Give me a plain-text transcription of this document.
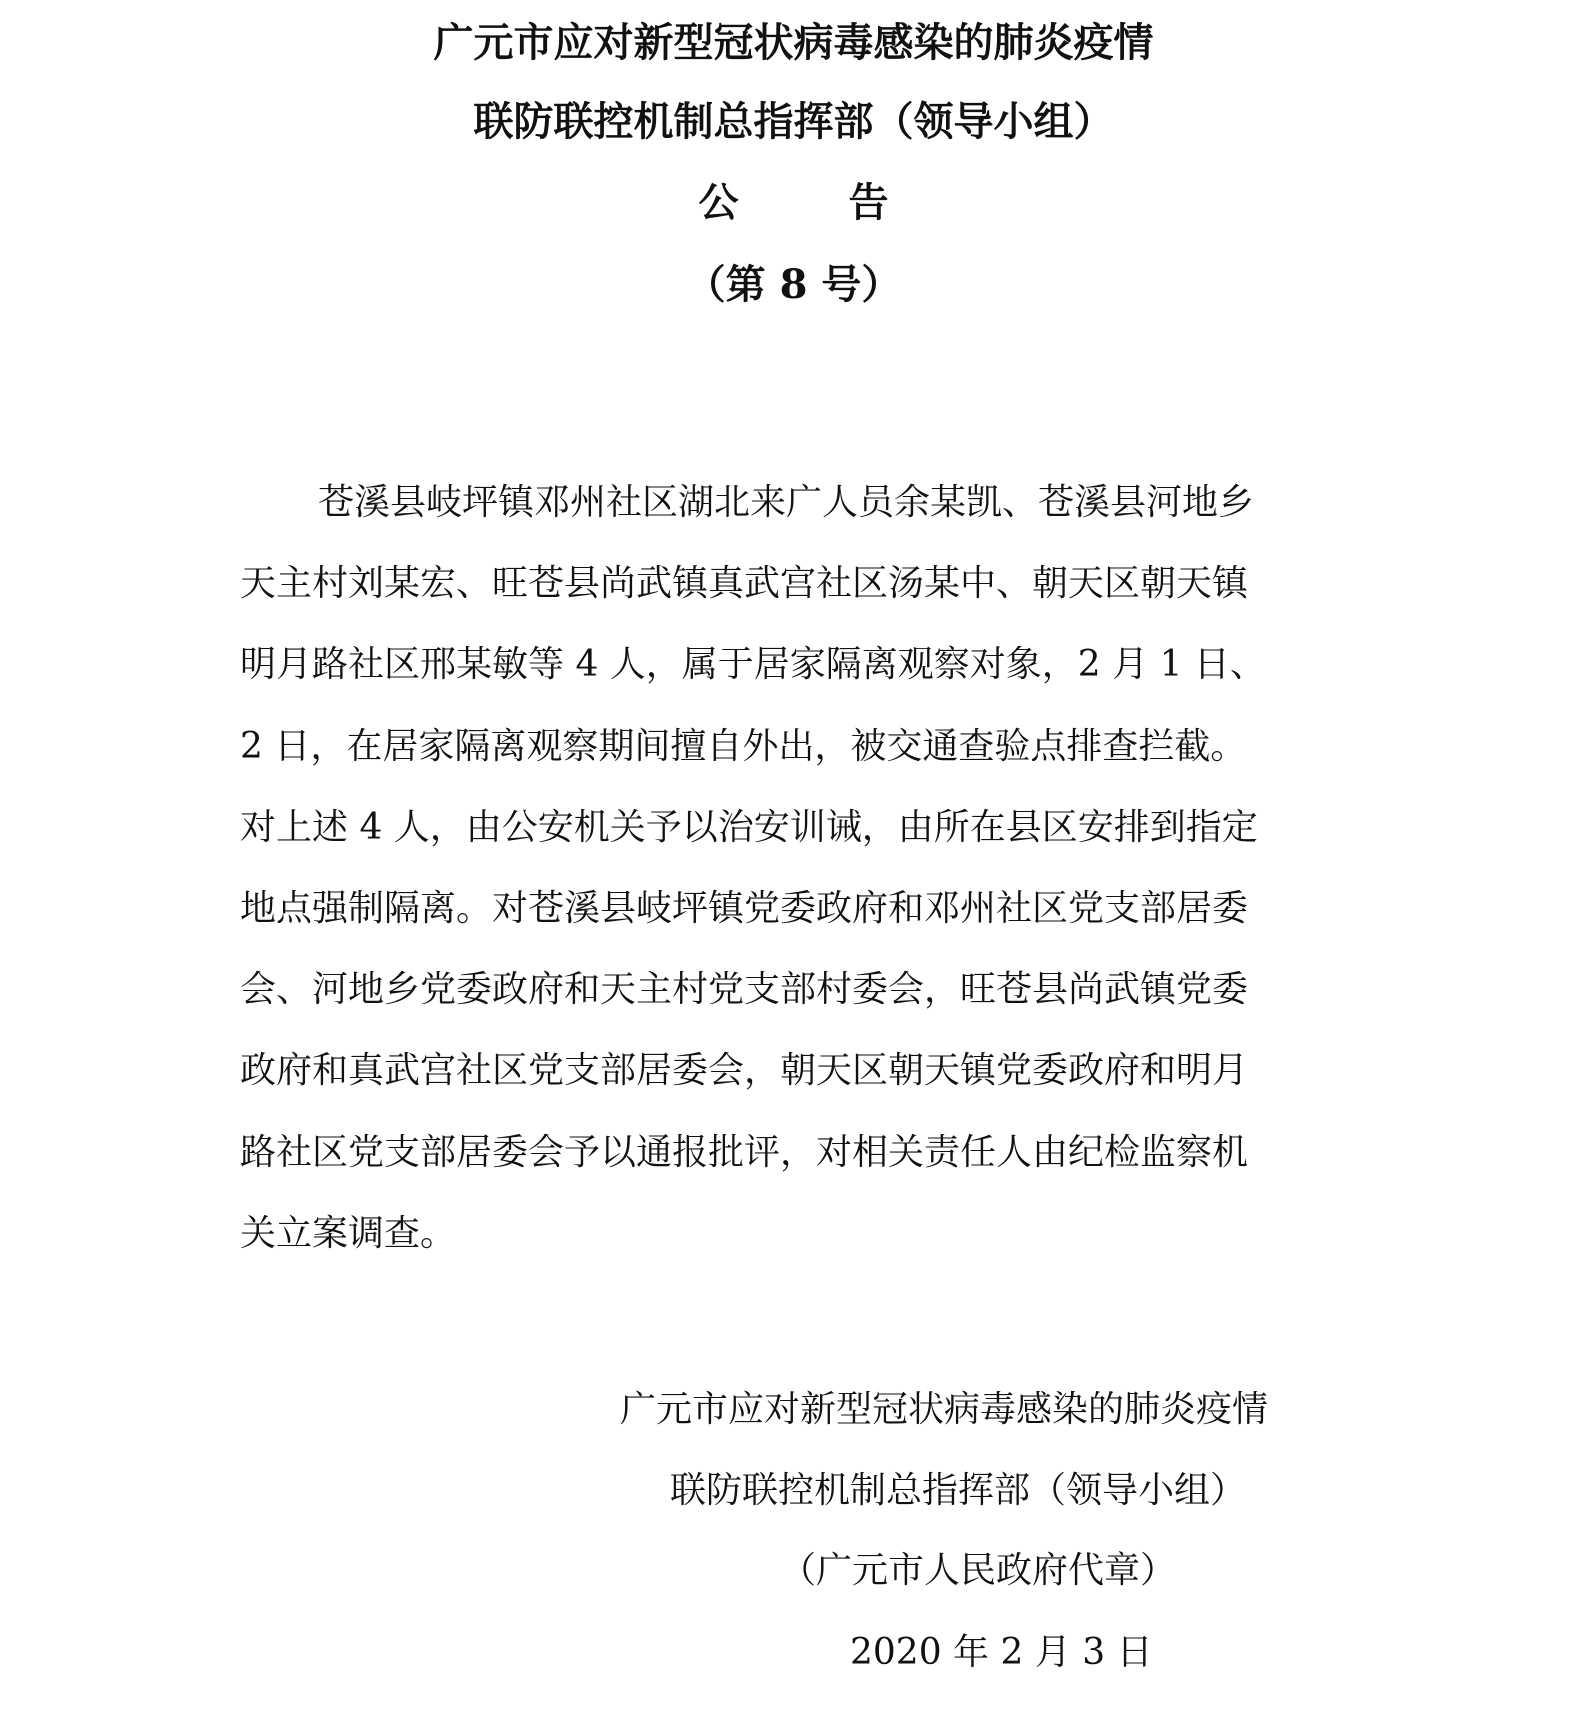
广元市应对新型冠状病毒感染的肺炎疫情
联防联控机制总指挥部（领导小组）
公告
（第 8 号）
苍溪县岐坪镇邓州社区湖北来广人员余某凯、苍溪县河地乡
天主村刘某宏、旺苍县尚武镇真武宫社区汤某中、朝天区朝天镇
明月路社区邢某敏等 4 人，属于居家隔离观察对象，2 月 1 日、
2 日，在居家隔离观察期间擅自外出，被交通查验点排查拦截。
对上述 4 人，由公安机关予以治安训诫，由所在县区安排到指定
地点强制隔离。对苍溪县岐坪镇党委政府和邓州社区党支部居委
会、河地乡党委政府和天主村党支部村委会，旺苍县尚武镇党委
政府和真武宫社区党支部居委会，朝天区朝天镇党委政府和明月
路社区党支部居委会予以通报批评，对相关责任人由纪检监察机
关立案调查。
广元市应对新型冠状病毒感染的肺炎疫情
联防联控机制总指挥部（领导小组）
（广元市人民政府代章）
2020 年 2 月 3 日
